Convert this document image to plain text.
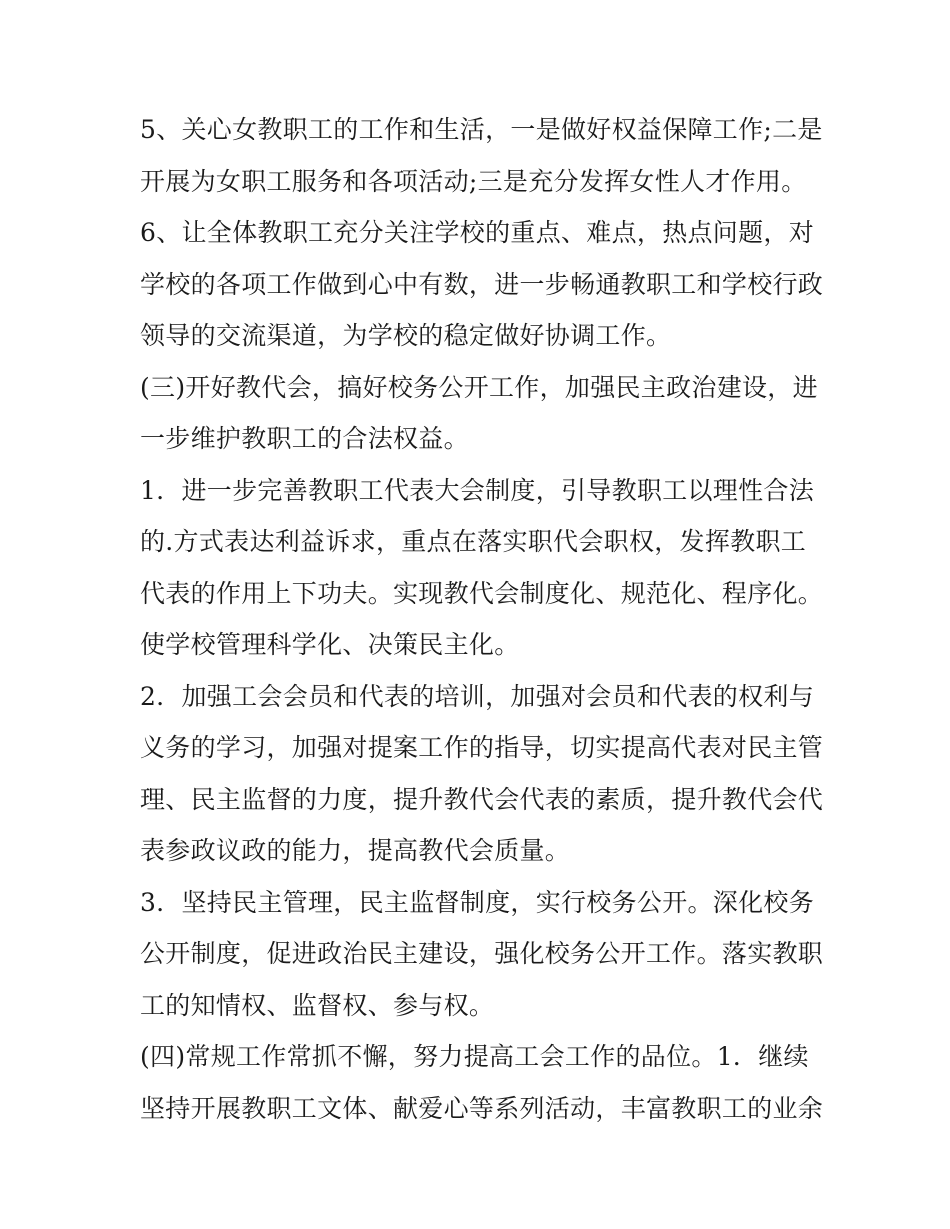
5、关心女教职工的工作和生活，一是做好权益保障工作;二是
开展为女职工服务和各项活动;三是充分发挥女性人才作用。
6、让全体教职工充分关注学校的重点、难点，热点问题，对
学校的各项工作做到心中有数，进一步畅通教职工和学校行政
领导的交流渠道，为学校的稳定做好协调工作。
(三)开好教代会，搞好校务公开工作，加强民主政治建设，进
一步维护教职工的合法权益。
1．进一步完善教职工代表大会制度，引导教职工以理性合法
的.方式表达利益诉求，重点在落实职代会职权，发挥教职工
代表的作用上下功夫。实现教代会制度化、规范化、程序化。
使学校管理科学化、决策民主化。
2．加强工会会员和代表的培训，加强对会员和代表的权利与
义务的学习，加强对提案工作的指导，切实提高代表对民主管
理、民主监督的力度，提升教代会代表的素质，提升教代会代
表参政议政的能力，提高教代会质量。
3．坚持民主管理，民主监督制度，实行校务公开。深化校务
公开制度，促进政治民主建设，强化校务公开工作。落实教职
工的知情权、监督权、参与权。
(四)常规工作常抓不懈，努力提高工会工作的品位。1．继续
坚持开展教职工文体、献爱心等系列活动，丰富教职工的业余
